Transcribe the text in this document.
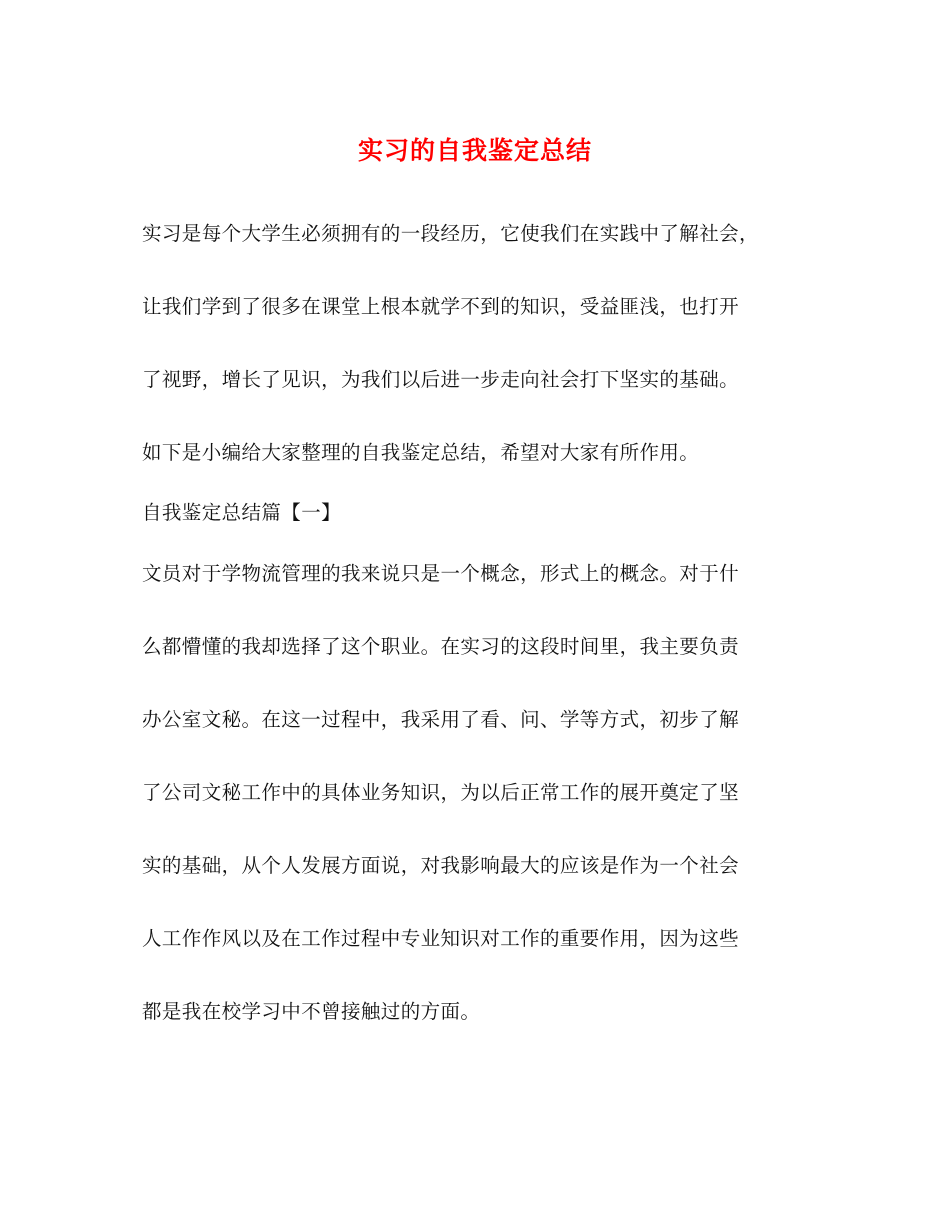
实习的自我鉴定总结
实习是每个大学生必须拥有的一段经历，它使我们在实践中了解社会，
让我们学到了很多在课堂上根本就学不到的知识，受益匪浅，也打开
了视野，增长了见识，为我们以后进一步走向社会打下坚实的基础。
如下是小编给大家整理的自我鉴定总结，希望对大家有所作用。
自我鉴定总结篇【一】
文员对于学物流管理的我来说只是一个概念，形式上的概念。对于什
么都懵懂的我却选择了这个职业。在实习的这段时间里，我主要负责
办公室文秘。在这一过程中，我采用了看、问、学等方式，初步了解
了公司文秘工作中的具体业务知识，为以后正常工作的展开奠定了坚
实的基础，从个人发展方面说，对我影响最大的应该是作为一个社会
人工作作风以及在工作过程中专业知识对工作的重要作用，因为这些
都是我在校学习中不曾接触过的方面。
